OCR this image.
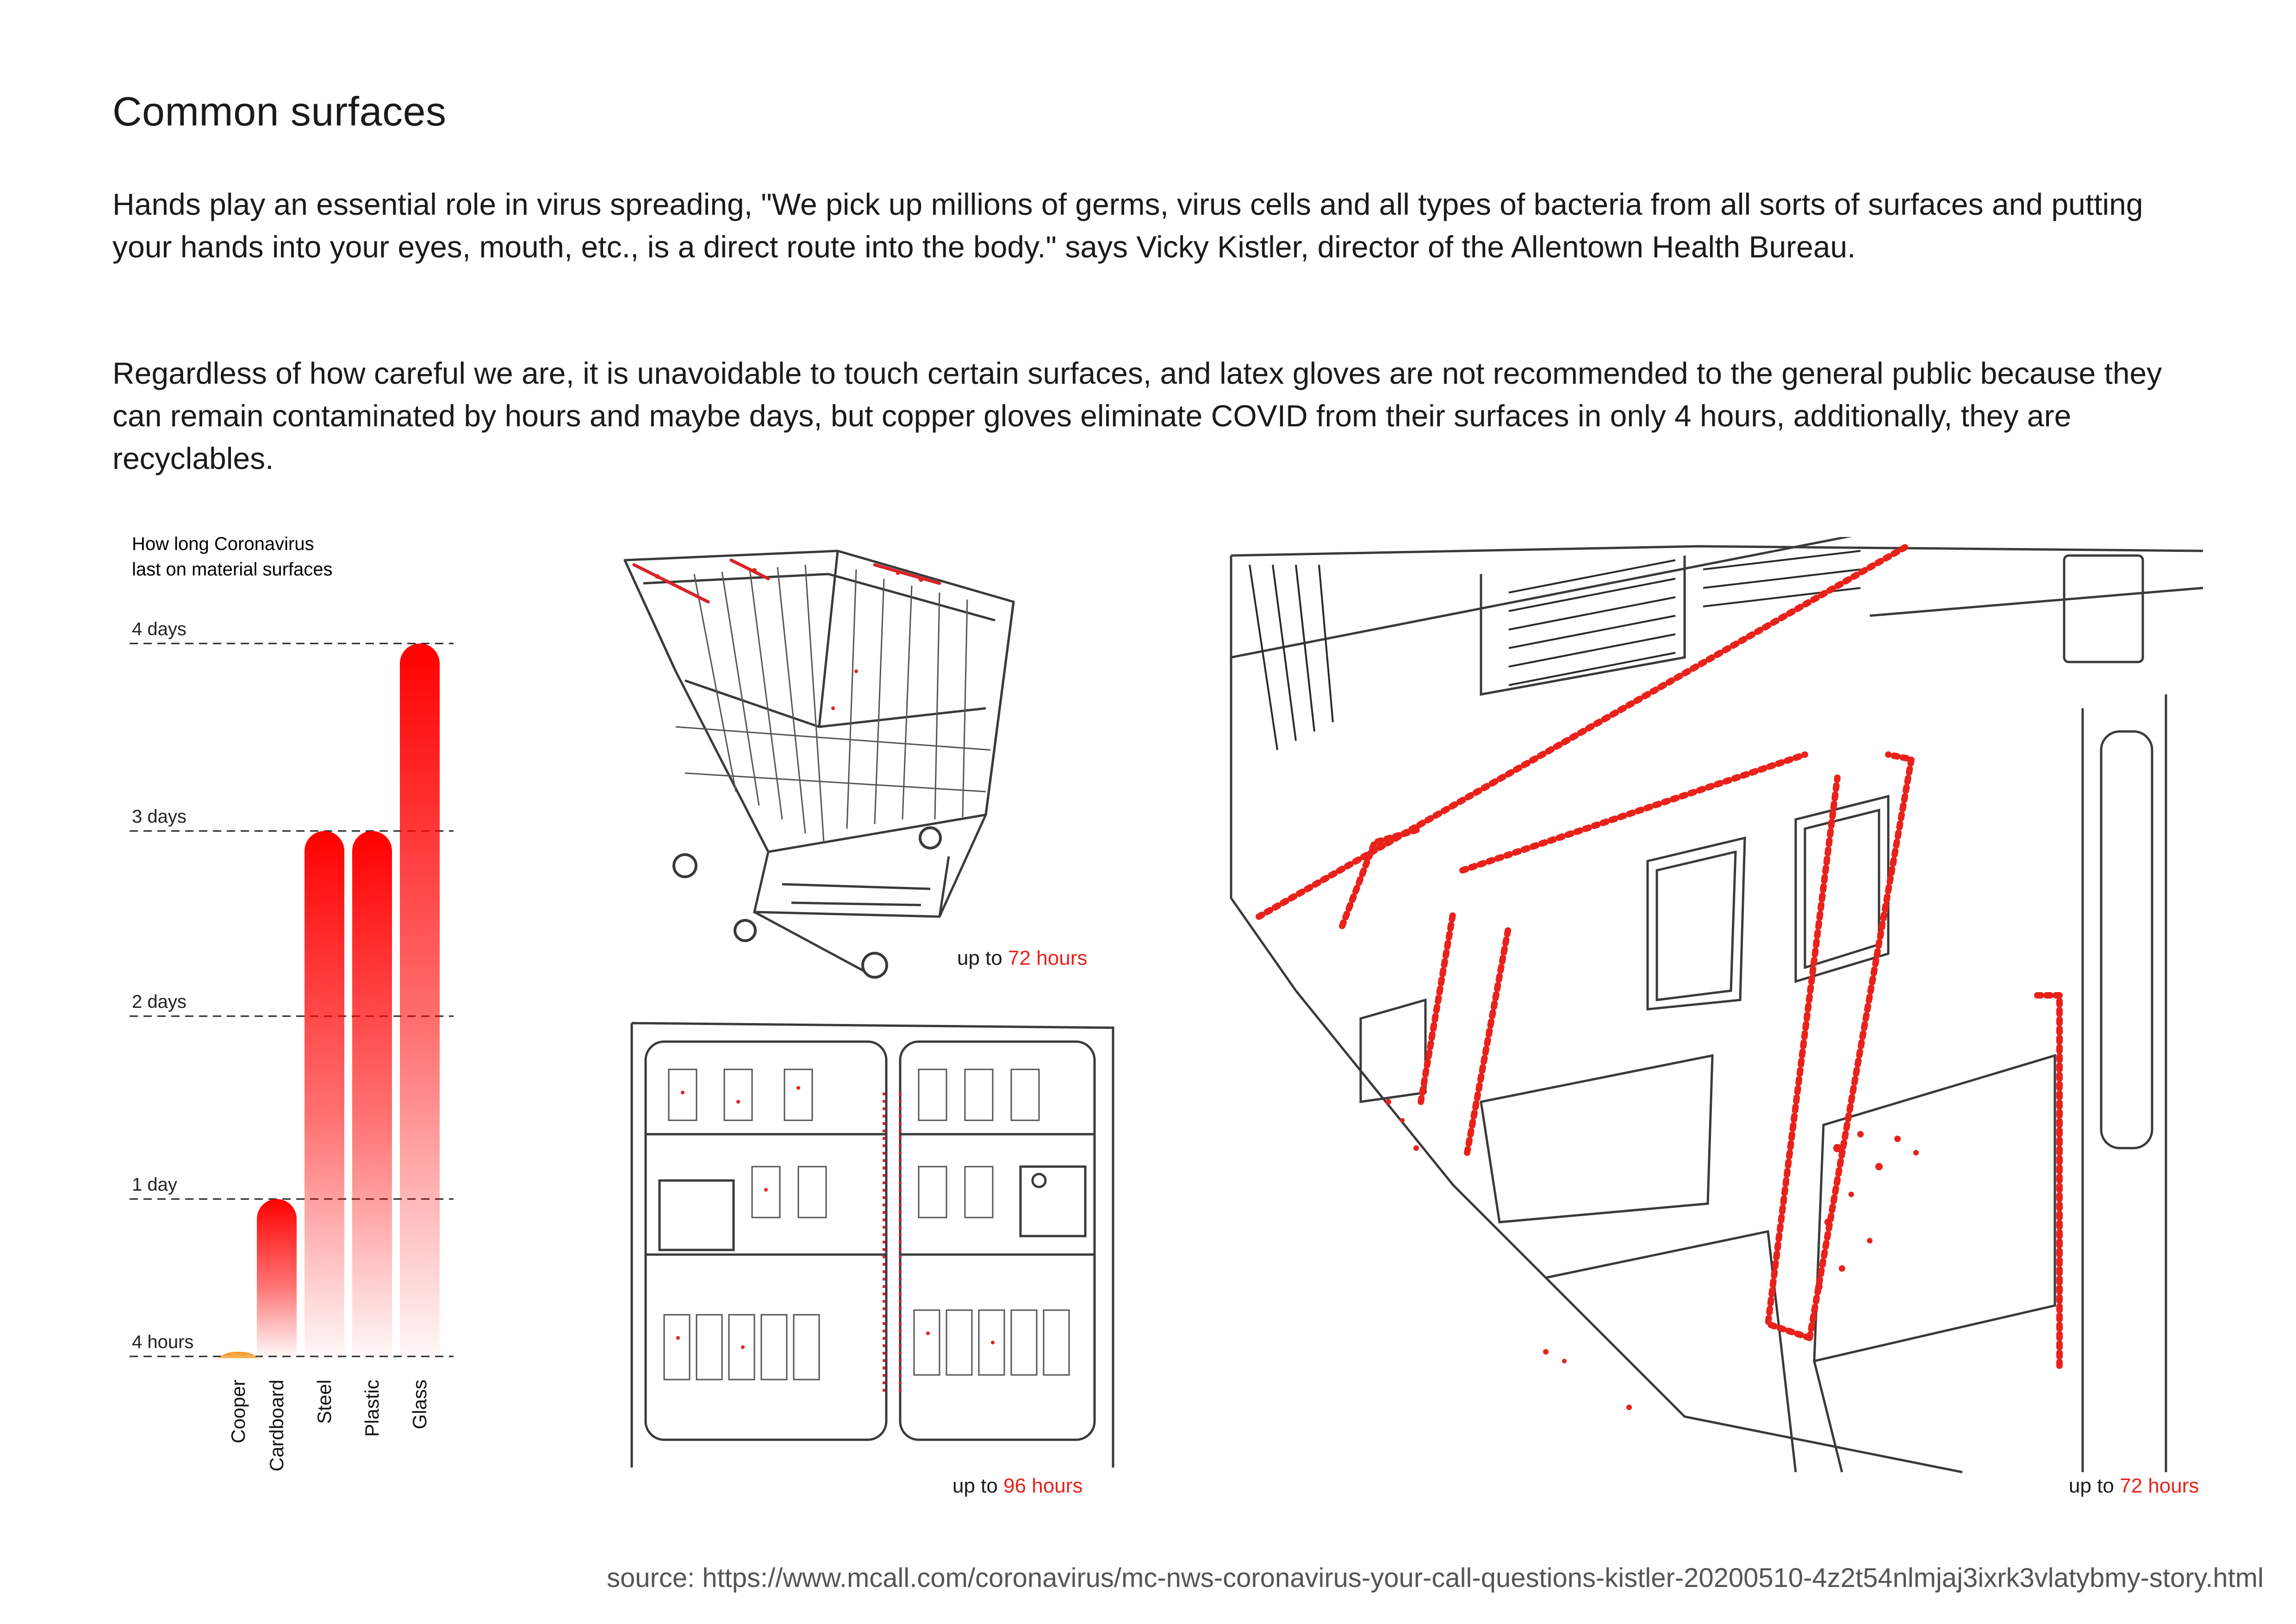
Common surfaces
Hands play an essential role in virus spreading, "We pick up millions of germs, virus cells and all types of bacteria from all sorts of surfaces and putting your hands into your eyes, mouth, etc., is a direct route into the body." says Vicky Kistler, director of the Allentown Health Bureau.
Regardless of how careful we are, it is unavoidable to touch certain surfaces, and latex gloves are not recommended to the general public because they can remain contaminated by hours and maybe days, but copper gloves eliminate COVID from their surfaces in only 4 hours, additionally, they are recyclables.
How long Coronavirus
last on material surfaces
4 hours
1 day
2 days
3 days
4 days
Cooper Cardboard Steel Plastic Glass
up to 72 hours
up to 96 hours	up to 72 hours
source: https://www.mcall.com/coronavirus/mc-nws-coronavirus-your-call-questions-kistler-20200510-4z2t54nlmjaj3ixrk3vlatybmy-story.html
